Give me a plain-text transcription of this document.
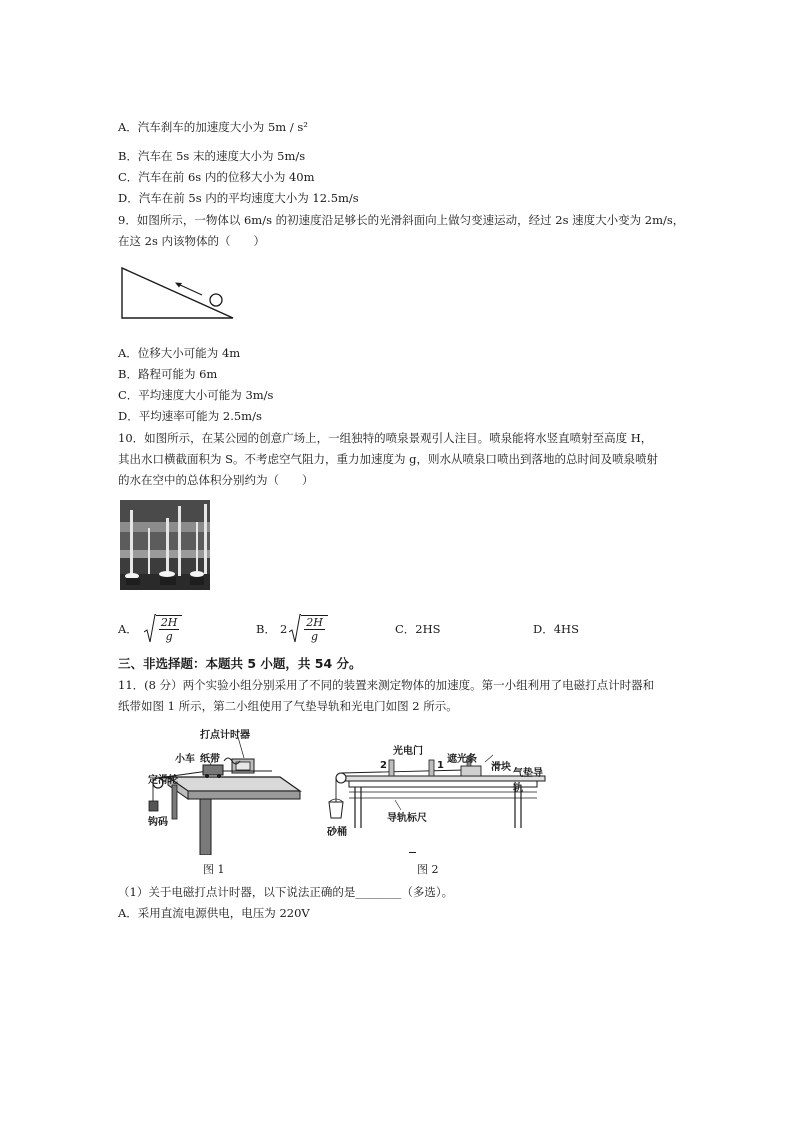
A．汽车刹车的加速度大小为 5m / s²
B．汽车在 5s 末的速度大小为 5m/s
C．汽车在前 6s 内的位移大小为 40m
D．汽车在前 5s 内的平均速度大小为 12.5m/s
9．如图所示，一物体以 6m/s 的初速度沿足够长的光滑斜面向上做匀变速运动，经过 2s 速度大小变为 2m/s，
在这 2s 内该物体的（　　）
A．位移大小可能为 4m
B．路程可能为 6m
C．平均速度大小可能为 3m/s
D．平均速率可能为 2.5m/s
10．如图所示，在某公园的创意广场上，一组独特的喷泉景观引人注目。喷泉能将水竖直喷射至高度 H，
其出水口横截面积为 S。不考虑空气阻力，重力加速度为 g，则水从喷泉口喷出到落地的总时间及喷泉喷射
的水在空中的总体积分别约为（　　）
A． $\frac{2H}{g}$	B． $2 \frac{2H}{g}$	C．2HS	D．4HS
三、非选择题：本题共 5 小题，共 54 分。
11．(8 分）两个实验小组分别采用了不同的装置来测定物体的加速度。第一小组利用了电磁打点计时器和
纸带如图 1 所示，第二小组使用了气垫导轨和光电门如图 2 所示。
打点计时器
小车 纸带
定滑轮
钩码
光电门
遮光条
滑块
气垫导轨
2	1
砂桶
导轨标尺
图 1	图 2
（1）关于电磁打点计时器，以下说法正确的是________（多选）。
A．采用直流电源供电，电压为 220V
